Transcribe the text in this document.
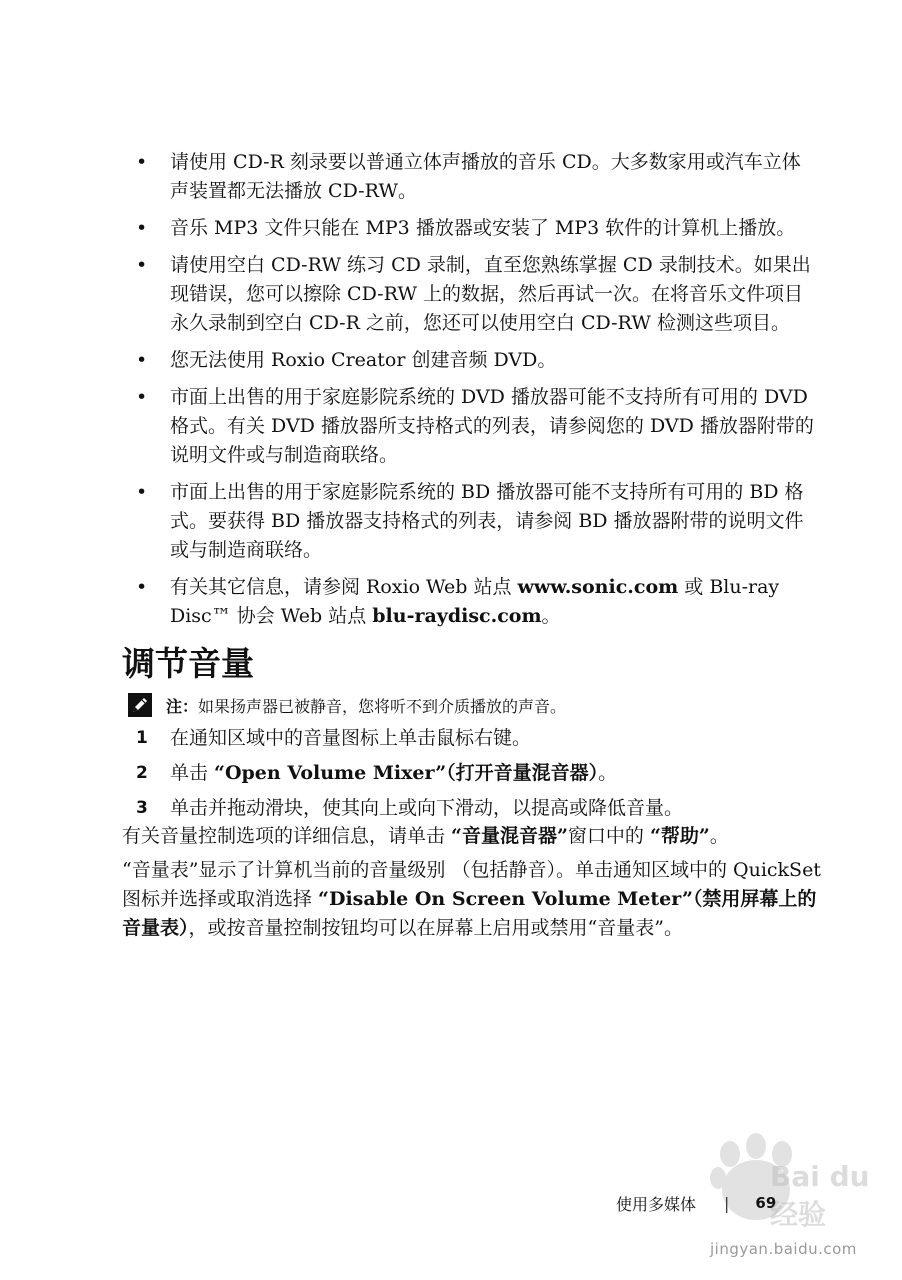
• 请使用 CD-R 刻录要以普通立体声播放的音乐 CD。大多数家用或汽车立体声装置都无法播放 CD-RW。
• 音乐 MP3 文件只能在 MP3 播放器或安装了 MP3 软件的计算机上播放。
• 请使用空白 CD-RW 练习 CD 录制，直至您熟练掌握 CD 录制技术。如果出现错误，您可以擦除 CD-RW 上的数据，然后再试一次。在将音乐文件项目永久录制到空白 CD-R 之前，您还可以使用空白 CD-RW 检测这些项目。
• 您无法使用 Roxio Creator 创建音频 DVD。
• 市面上出售的用于家庭影院系统的 DVD 播放器可能不支持所有可用的 DVD 格式。有关 DVD 播放器所支持格式的列表，请参阅您的 DVD 播放器附带的说明文件或与制造商联络。
• 市面上出售的用于家庭影院系统的 BD 播放器可能不支持所有可用的 BD 格式。要获得 BD 播放器支持格式的列表，请参阅 BD 播放器附带的说明文件或与制造商联络。
• 有关其它信息，请参阅 Roxio Web 站点 www.sonic.com 或 Blu-ray Disc™ 协会 Web 站点 blu-raydisc.com。
调节音量
注：如果扬声器已被静音，您将听不到介质播放的声音。
1 在通知区域中的音量图标上单击鼠标右键。
2 单击 “Open Volume Mixer”（打开音量混音器）。
3 单击并拖动滑块，使其向上或向下滑动，以提高或降低音量。

有关音量控制选项的详细信息，请单击 “音量混音器”窗口中的 “帮助”。

“音量表”显示了计算机当前的音量级别 （包括静音）。单击通知区域中的 QuickSet 图标并选择或取消选择 “Disable On Screen Volume Meter”（禁用屏幕上的音量表），或按音量控制按钮均可以在屏幕上启用或禁用“音量表”。

使用多媒体 | 69
jingyan.baidu.com
Bai du 经验
